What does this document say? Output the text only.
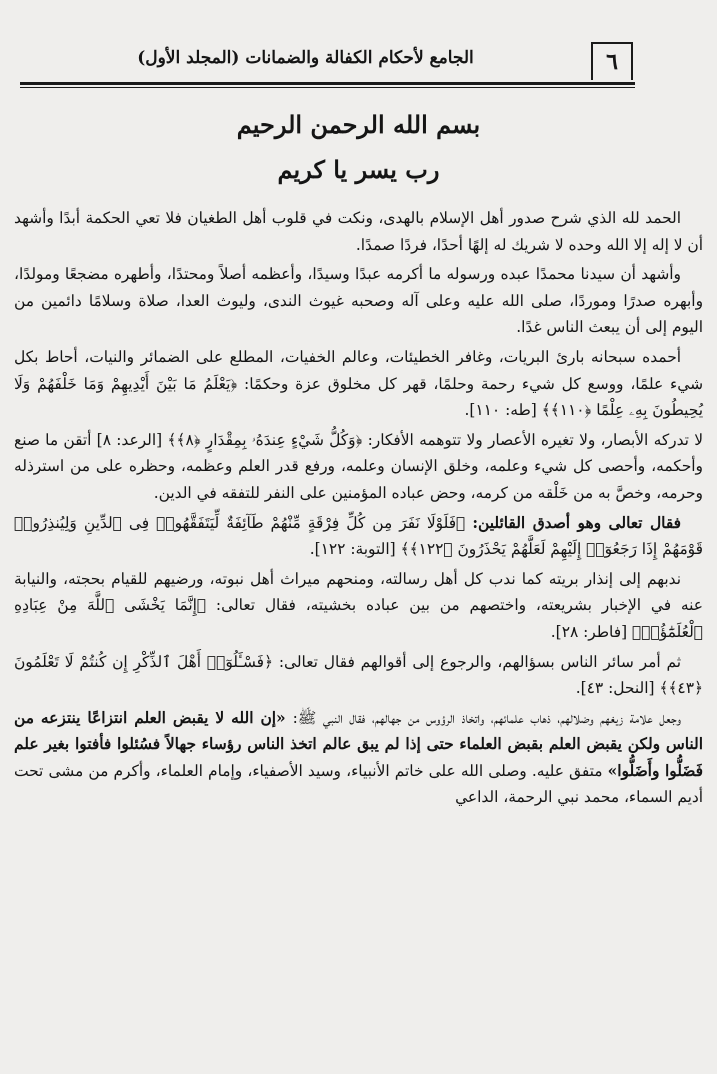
٦
الجامع لأحكام الكفالة والضمانات (المجلد الأول)
بسم الله الرحمن الرحيم
رب يسر يا كريم

الحمد لله الذي شرح صدور أهل الإسلام بالهدى، ونكت في قلوب أهل الطغيان فلا تعي الحكمة أبدًا وأشهد أن لا إله إلا الله وحده لا شريك له إلهًا أحدًا، فردًا صمدًا.

وأشهد أن سيدنا محمدًا عبده ورسوله ما أكرمه عبدًا وسيدًا، وأعظمه أصلاً ومحتدًا، وأطهره مضجعًا ومولدًا، وأبهره صدرًا وموردًا، صلى الله عليه وعلى آله وصحبه غيوث الندى، وليوث العدا، صلاة وسلامًا دائمين من اليوم إلى أن يبعث الناس غدًا.

أحمده سبحانه بارئ البريات، وغافر الخطيئات، وعالم الخفيات، المطلع على الضمائر والنيات، أحاط بكل شيء علمًا، ووسع كل شيء رحمة وحلمًا، قهر كل مخلوق عزة وحكمًا: ﴿يَعْلَمُ مَا بَيْنَ أَيْدِيهِمْ وَمَا خَلْفَهُمْ وَلَا يُحِيطُونَ بِهِۦ عِلْمًا ﴿١١٠﴾﴾ [طه: ١١٠].

لا تدركه الأبصار، ولا تغيره الأعصار ولا تتوهمه الأفكار: ﴿وَكُلُّ شَيْءٍ عِندَهُۥ بِمِقْدَارٍ ﴿٨﴾﴾ [الرعد: ٨] أتقن ما صنع وأحكمه، وأحصى كل شيء وعلمه، وخلق الإنسان وعلمه، ورفع قدر العلم وعظمه، وحظره على من استرذله وحرمه، وخصَّ به من خَلْقه من كرمه، وحض عباده المؤمنين على النفر للتفقه في الدين.

فقال تعالى وهو أصدق القائلين: ﴿فَلَوْلَا نَفَرَ مِن كُلِّ فِرْقَةٍ مِّنْهُمْ طَآئِفَةٌ لِّيَتَفَقَّهُوا۟ فِى ٱلدِّينِ وَلِيُنذِرُوا۟ قَوْمَهُمْ إِذَا رَجَعُوٓا۟ إِلَيْهِمْ لَعَلَّهُمْ يَحْذَرُونَ ﴿١٢٢﴾﴾ [التوبة: ١٢٢].

ندبهم إلى إنذار بريته كما ندب كل أهل رسالته، ومنحهم ميراث أهل نبوته، ورضيهم للقيام بحجته، والنيابة عنه في الإخبار بشريعته، واختصهم من بين عباده بخشيته، فقال تعالى: ﴿إِنَّمَا يَخْشَى ٱللَّهَ مِنْ عِبَادِهِ ٱلْعُلَمَٰٓؤُا۟﴾ [فاطر: ٢٨].

ثم أمر سائر الناس بسؤالهم، والرجوع إلى أقوالهم فقال تعالى: ﴿فَسْـَٔلُوٓا۟ أَهْلَ ٱلذِّكْرِ إِن كُنتُمْ لَا تَعْلَمُونَ ﴿٤٣﴾﴾ [النحل: ٤٣].

وجعل علامة زيغهم وضلالهم، ذهاب علمائهم، واتخاذ الرؤوس من جهالهم، فقال النبي ﷺ: «إن الله لا يقبض العلم انتزاعًا ينتزعه من الناس ولكن يقبض العلم بقبض العلماء حتى إذا لم يبق عالم اتخذ الناس رؤساء جهالاً فسُئلوا فأفتوا بغير علم فَضَلُّوا وأَضَلُّوا» متفق عليه. وصلى الله على خاتم الأنبياء، وسيد الأصفياء، وإمام العلماء، وأكرم من مشى تحت أديم السماء، محمد نبي الرحمة، الداعي
